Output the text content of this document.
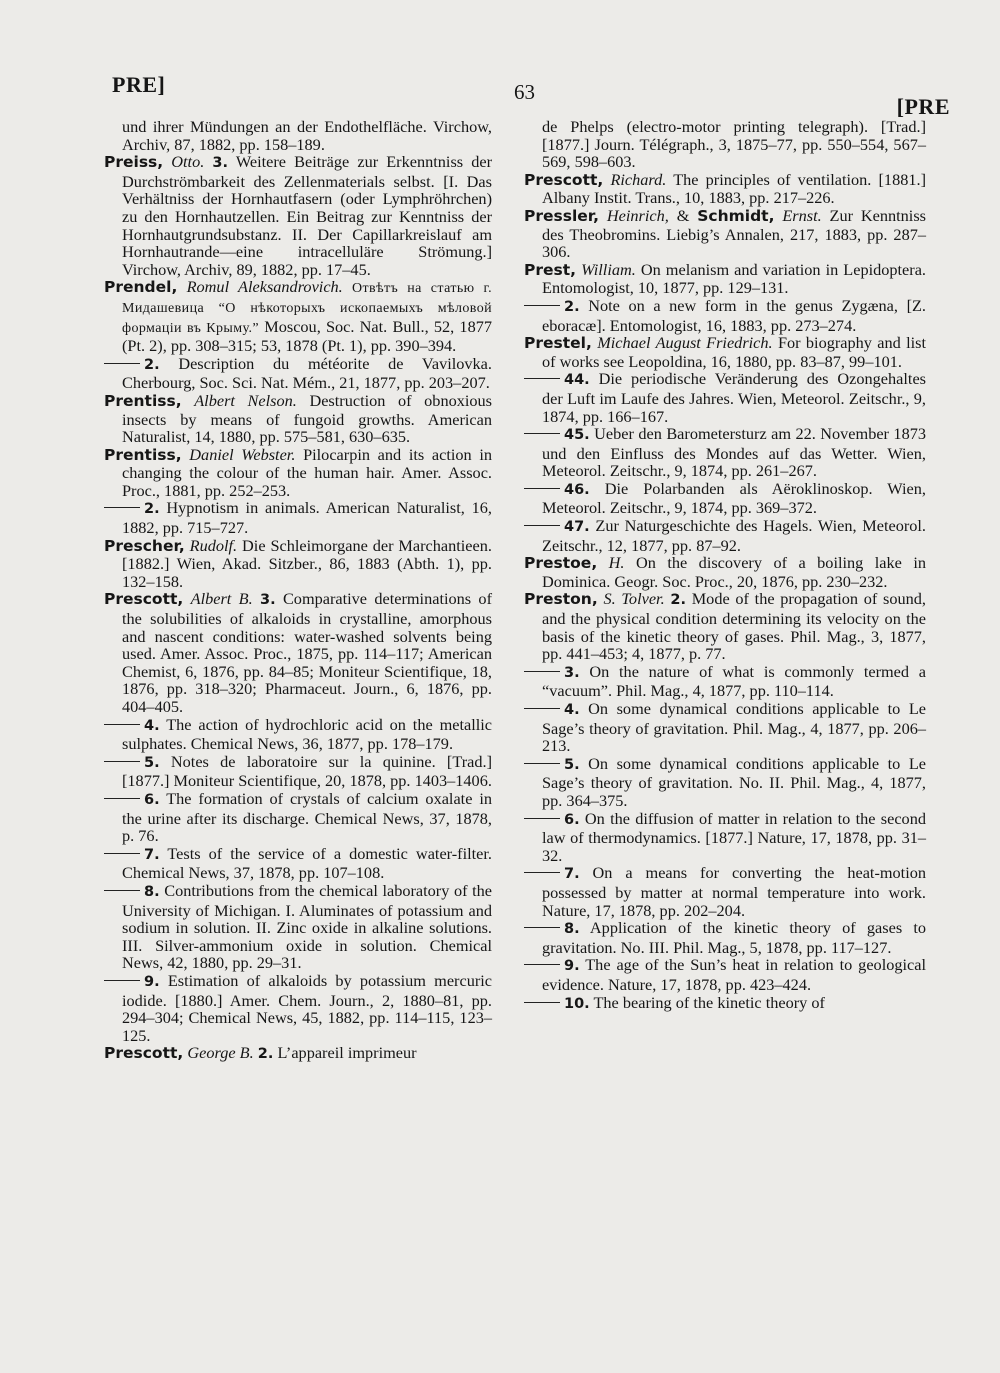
PRE]	63
[PRE

und ihrer Mündungen an der Endothelfläche. Virchow, Archiv, 87, 1882, pp. 158–189.

Preiss, Otto. 3. Weitere Beiträge zur Erkenntniss der Durchströmbarkeit des Zellenmaterials selbst. [I. Das Verhältniss der Hornhautfasern (oder Lymphröhrchen) zu den Hornhautzellen. Ein Beitrag zur Kenntniss der Hornhautgrundsubstanz. II. Der Capillarkreislauf am Hornhautrande—eine intracelluläre Strömung.] Virchow, Archiv, 89, 1882, pp. 17–45.

Prendel, Romul Aleksandrovich. Отвѣтъ на статью г. Мидашевица “О нѣкоторыхъ ископаемыхъ мѣловой формаціи въ Крыму.” Moscou, Soc. Nat. Bull., 52, 1877 (Pt. 2), pp. 308–315; 53, 1878 (Pt. 1), pp. 390–394.

2. Description du météorite de Vavilovka. Cherbourg, Soc. Sci. Nat. Mém., 21, 1877, pp. 203–207.

Prentiss, Albert Nelson. Destruction of obnoxious insects by means of fungoid growths. American Naturalist, 14, 1880, pp. 575–581, 630–635.

Prentiss, Daniel Webster. Pilocarpin and its action in changing the colour of the human hair. Amer. Assoc. Proc., 1881, pp. 252–253.

2. Hypnotism in animals. American Naturalist, 16, 1882, pp. 715–727.

Prescher, Rudolf. Die Schleimorgane der Marchantieen. [1882.] Wien, Akad. Sitzber., 86, 1883 (Abth. 1), pp. 132–158.

Prescott, Albert B. 3. Comparative determinations of the solubilities of alkaloids in crystalline, amorphous and nascent conditions: water-washed solvents being used. Amer. Assoc. Proc., 1875, pp. 114–117; American Chemist, 6, 1876, pp. 84–85; Moniteur Scientifique, 18, 1876, pp. 318–320; Pharmaceut. Journ., 6, 1876, pp. 404–405.

4. The action of hydrochloric acid on the metallic sulphates. Chemical News, 36, 1877, pp. 178–179.

5. Notes de laboratoire sur la quinine. [Trad.] [1877.] Moniteur Scientifique, 20, 1878, pp. 1403–1406.

6. The formation of crystals of calcium oxalate in the urine after its discharge. Chemical News, 37, 1878, p. 76.

7. Tests of the service of a domestic water-filter. Chemical News, 37, 1878, pp. 107–108.

8. Contributions from the chemical laboratory of the University of Michigan. I. Aluminates of potassium and sodium in solution. II. Zinc oxide in alkaline solutions. III. Silver-ammonium oxide in solution. Chemical News, 42, 1880, pp. 29–31.

9. Estimation of alkaloids by potassium mercuric iodide. [1880.] Amer. Chem. Journ., 2, 1880–81, pp. 294–304; Chemical News, 45, 1882, pp. 114–115, 123–125.

Prescott, George B. 2. L’appareil imprimeur

de Phelps (electro-motor printing telegraph). [Trad.] [1877.] Journ. Télégraph., 3, 1875–77, pp. 550–554, 567–569, 598–603.

Prescott, Richard. The principles of ventilation. [1881.] Albany Instit. Trans., 10, 1883, pp. 217–226.

Pressler, Heinrich, & Schmidt, Ernst. Zur Kenntniss des Theobromins. Liebig’s Annalen, 217, 1883, pp. 287–306.

Prest, William. On melanism and variation in Lepidoptera. Entomologist, 10, 1877, pp. 129–131.

2. Note on a new form in the genus Zygæna, [Z. eboracæ]. Entomologist, 16, 1883, pp. 273–274.

Prestel, Michael August Friedrich. For biography and list of works see Leopoldina, 16, 1880, pp. 83–87, 99–101.

44. Die periodische Veränderung des Ozongehaltes der Luft im Laufe des Jahres. Wien, Meteorol. Zeitschr., 9, 1874, pp. 166–167.

45. Ueber den Barometersturz am 22. November 1873 und den Einfluss des Mondes auf das Wetter. Wien, Meteorol. Zeitschr., 9, 1874, pp. 261–267.

46. Die Polarbanden als Aëroklinoskop. Wien, Meteorol. Zeitschr., 9, 1874, pp. 369–372.

47. Zur Naturgeschichte des Hagels. Wien, Meteorol. Zeitschr., 12, 1877, pp. 87–92.

Prestoe, H. On the discovery of a boiling lake in Dominica. Geogr. Soc. Proc., 20, 1876, pp. 230–232.

Preston, S. Tolver. 2. Mode of the propagation of sound, and the physical condition determining its velocity on the basis of the kinetic theory of gases. Phil. Mag., 3, 1877, pp. 441–453; 4, 1877, p. 77.

3. On the nature of what is commonly termed a “vacuum”. Phil. Mag., 4, 1877, pp. 110–114.

4. On some dynamical conditions applicable to Le Sage’s theory of gravitation. Phil. Mag., 4, 1877, pp. 206–213.

5. On some dynamical conditions applicable to Le Sage’s theory of gravitation. No. II. Phil. Mag., 4, 1877, pp. 364–375.

6. On the diffusion of matter in relation to the second law of thermodynamics. [1877.] Nature, 17, 1878, pp. 31–32.

7. On a means for converting the heat-motion possessed by matter at normal temperature into work. Nature, 17, 1878, pp. 202–204.

8. Application of the kinetic theory of gases to gravitation. No. III. Phil. Mag., 5, 1878, pp. 117–127.

9. The age of the Sun’s heat in relation to geological evidence. Nature, 17, 1878, pp. 423–424.

10. The bearing of the kinetic theory of
